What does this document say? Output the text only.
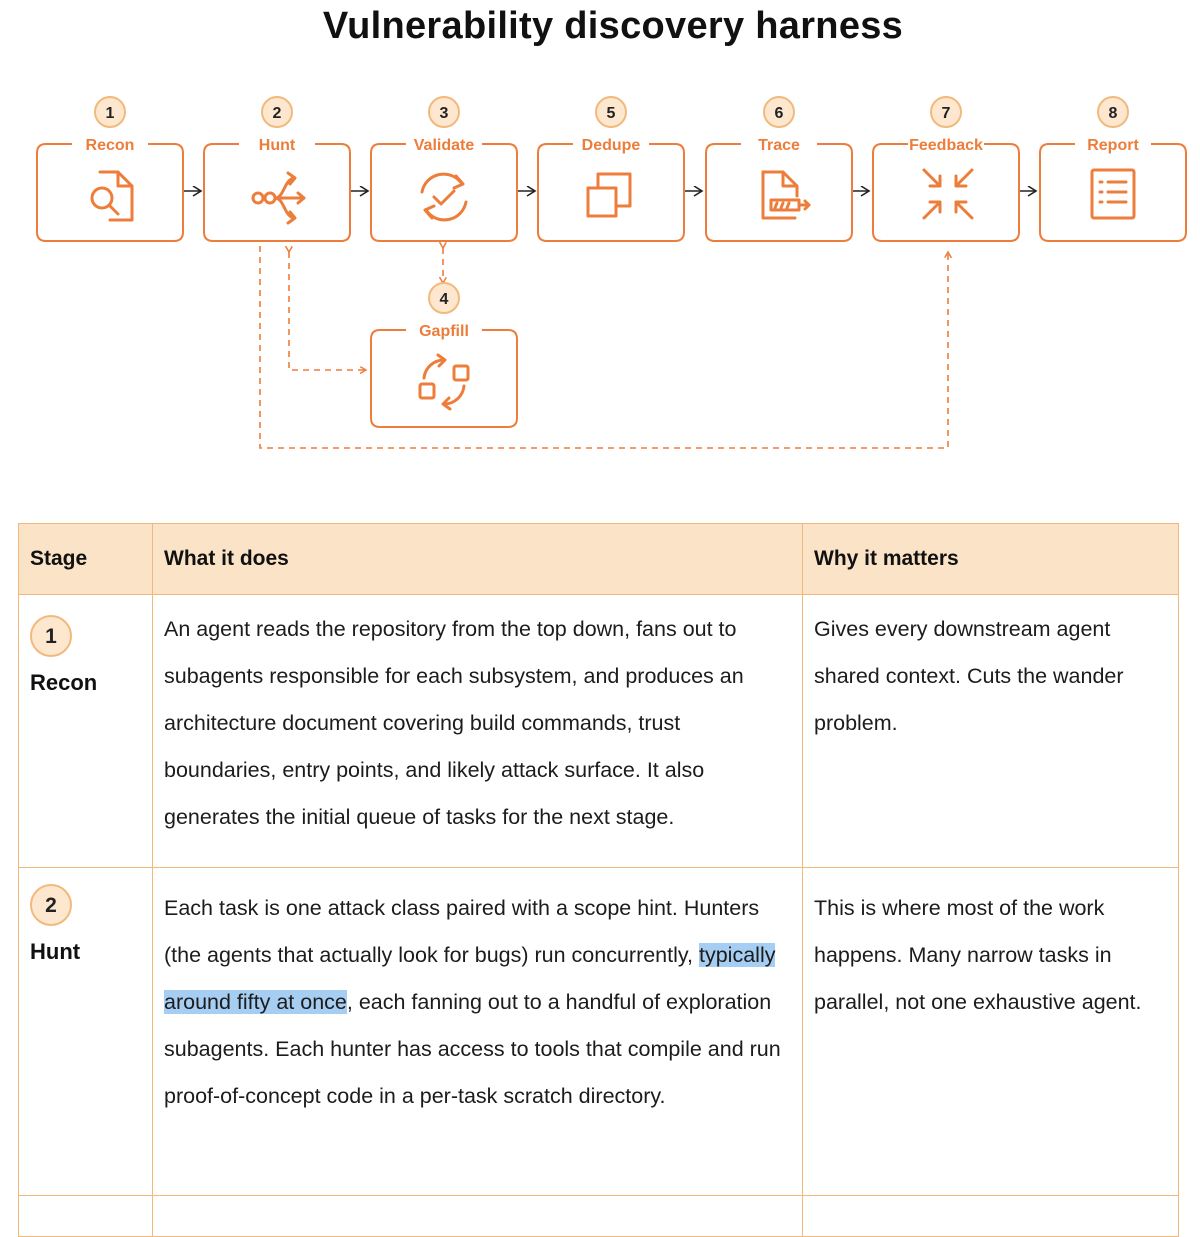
Vulnerability discovery harness
Recon
1
Hunt
2
Validate
3
Dedupe
5
Trace
6
Feedback
7
Report
8
Gapfill
4
Stage	What it does	Why it matters

1
Recon	An agent reads the repository from the top down, fans out to subagents responsible for each subsystem, and produces an architecture document covering build commands, trust boundaries, entry points, and likely attack surface. It also generates the initial queue of tasks for the next stage.	Gives every downstream agent shared context. Cuts the wander problem.

2
Hunt	Each task is one attack class paired with a scope hint. Hunters (the agents that actually look for bugs) run concurrently, typically around fifty at once, each fanning out to a handful of exploration subagents. Each hunter has access to tools that compile and run proof-of-concept code in a per-task scratch directory.	This is where most of the work happens. Many narrow tasks in parallel, not one exhaustive agent.
